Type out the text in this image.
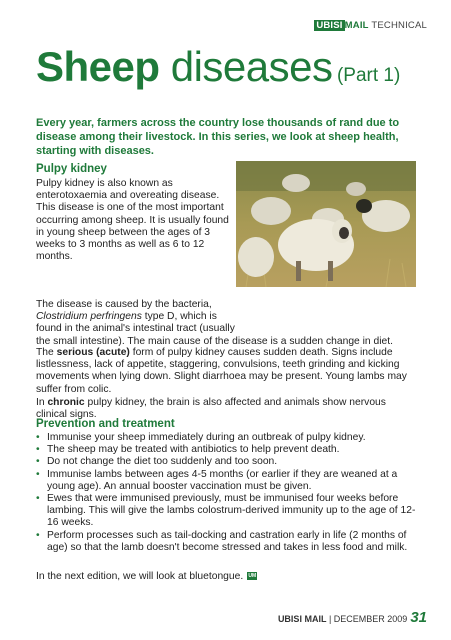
UBISI MAIL TECHNICAL
Sheep diseases (Part 1)
Every year, farmers across the country lose thousands of rand due to disease among their livestock. In this series, we look at sheep health, starting with diseases.
Pulpy kidney
Pulpy kidney is also known as enterotoxaemia and overeating disease. This disease is one of the most important occurring among sheep. It is usually found in young sheep between the ages of 3 weeks to 3 months as well as 6 to 12 months.
The disease is caused by the bacteria,
Clostridium perfringens type D, which is
found in the animal's intestinal tract (usually
the small intestine). The main cause of the disease is a sudden change in diet.
The serious (acute) form of pulpy kidney causes sudden death. Signs include listlessness, lack of appetite, staggering, convulsions, teeth grinding and kicking movements when lying down. Slight diarrhoea may be present. Young lambs may suffer from colic.
In chronic pulpy kidney, the brain is also affected and animals show nervous clinical signs.
Prevention and treatment
• Immunise your sheep immediately during an outbreak of pulpy kidney.
• The sheep may be treated with antibiotics to help prevent death.
• Do not change the diet too suddenly and too soon.
• Immunise lambs between ages 4-5 months (or earlier if they are weaned at a young age). An annual booster vaccination must be given.
• Ewes that were immunised previously, must be immunised four weeks before lambing. This will give the lambs colostrum-derived immunity up to the age of 12-16 weeks.
• Perform processes such as tail-docking and castration early in life (2 months of age) so that the lamb doesn't become stressed and takes in less food and milk.
In the next edition, we will look at bluetongue. UM
UBISI MAIL | DECEMBER 2009 31
